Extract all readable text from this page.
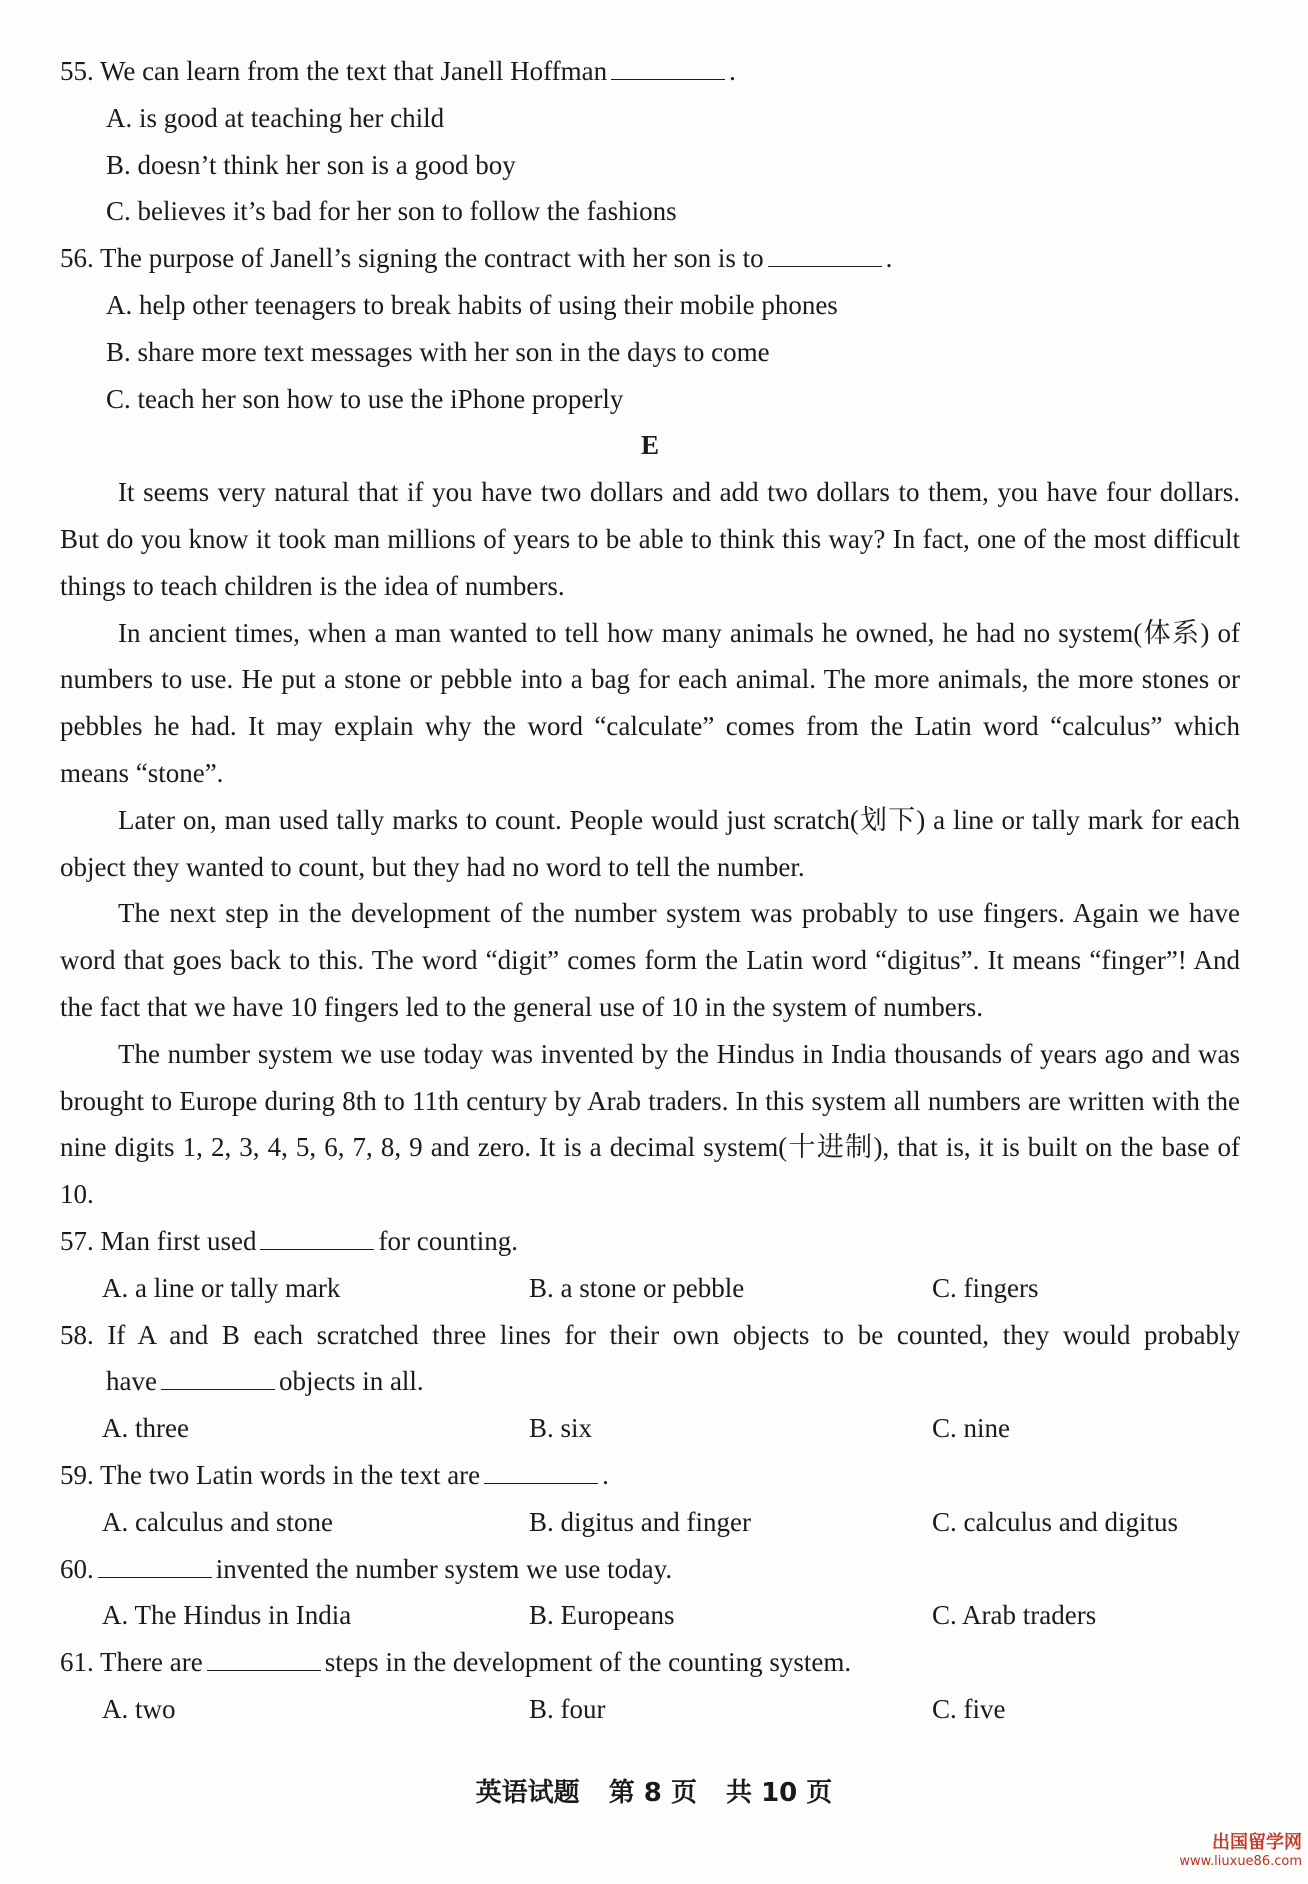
55. We can learn from the text that Janell Hoffman	.
A. is good at teaching her child
B. doesn’t think her son is a good boy
C. believes it’s bad for her son to follow the fashions
56. The purpose of Janell’s signing the contract with her son is to	.
A. help other teenagers to break habits of using their mobile phones
B. share more text messages with her son in the days to come
C. teach her son how to use the iPhone properly
E

It seems very natural that if you have two dollars and add two dollars to them, you have four dollars. But do you know it took man millions of years to be able to think this way? In fact, one of the most difficult things to teach children is the idea of numbers.

In ancient times, when a man wanted to tell how many animals he owned, he had no system(体系) of numbers to use. He put a stone or pebble into a bag for each animal. The more animals, the more stones or pebbles he had. It may explain why the word “calculate” comes from the Latin word “calculus” which means “stone”.

Later on, man used tally marks to count. People would just scratch(划下) a line or tally mark for each object they wanted to count, but they had no word to tell the number.

The next step in the development of the number system was probably to use fingers. Again we have word that goes back to this. The word “digit” comes form the Latin word “digitus”. It means “finger”! And the fact that we have 10 fingers led to the general use of 10 in the system of numbers.

The number system we use today was invented by the Hindus in India thousands of years ago and was brought to Europe during 8th to 11th century by Arab traders. In this system all numbers are written with the nine digits 1, 2, 3, 4, 5, 6, 7, 8, 9 and zero. It is a decimal system(十进制), that is, it is built on the base of 10.

57. Man first used	for counting.
A. a line or tally mark	B. a stone or pebble	C. fingers
58. If A and B each scratched three lines for their own objects to be counted, they would probably
have	objects in all.
A. three	B. six	C. nine
59. The two Latin words in the text are	.
A. calculus and stone	B. digitus and finger	C. calculus and digitus
60.	invented the number system we use today.
A. The Hindus in India	B. Europeans	C. Arab traders
61. There are	steps in the development of the counting system.
A. two	B. four	C. five
英语试题 第 8 页 共 10 页
出国留学网
www.liuxue86.com
